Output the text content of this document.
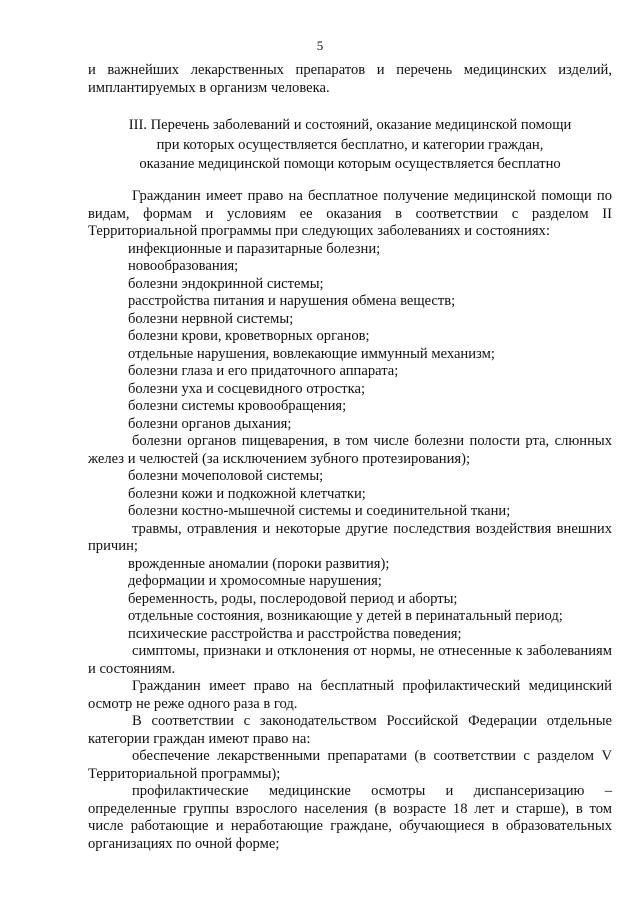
5

и важнейших лекарственных препаратов и перечень медицинских изделий,

имплантируемых в организм человека.

III. Перечень заболеваний и состояний, оказание медицинской помощи
при которых осуществляется бесплатно, и категории граждан,
оказание медицинской помощи которым осуществляется бесплатно

Гражданин имеет право на бесплатное получение медицинской помощи по видам, формам и условиям ее оказания в соответствии с разделом II Территориальной программы при следующих заболеваниях и состояниях:

инфекционные и паразитарные болезни;

новообразования;

болезни эндокринной системы;

расстройства питания и нарушения обмена веществ;

болезни нервной системы;

болезни крови, кроветворных органов;

отдельные нарушения, вовлекающие иммунный механизм;

болезни глаза и его придаточного аппарата;

болезни уха и сосцевидного отростка;

болезни системы кровообращения;

болезни органов дыхания;

болезни органов пищеварения, в том числе болезни полости рта, слюнных желез и челюстей (за исключением зубного протезирования);

болезни мочеполовой системы;

болезни кожи и подкожной клетчатки;

болезни костно-мышечной системы и соединительной ткани;

травмы, отравления и некоторые другие последствия воздействия внешних причин;

врожденные аномалии (пороки развития);

деформации и хромосомные нарушения;

беременность, роды, послеродовой период и аборты;

отдельные состояния, возникающие у детей в перинатальный период;

психические расстройства и расстройства поведения;

симптомы, признаки и отклонения от нормы, не отнесенные к заболеваниям и состояниям.

Гражданин имеет право на бесплатный профилактический медицинский осмотр не реже одного раза в год.

В соответствии с законодательством Российской Федерации отдельные категории граждан имеют право на:

обеспечение лекарственными препаратами (в соответствии с разделом V Территориальной программы);

профилактические медицинские осмотры и диспансеризацию – определенные группы взрослого населения (в возрасте 18 лет и старше), в том числе работающие и неработающие граждане, обучающиеся в образовательных организациях по очной форме;
